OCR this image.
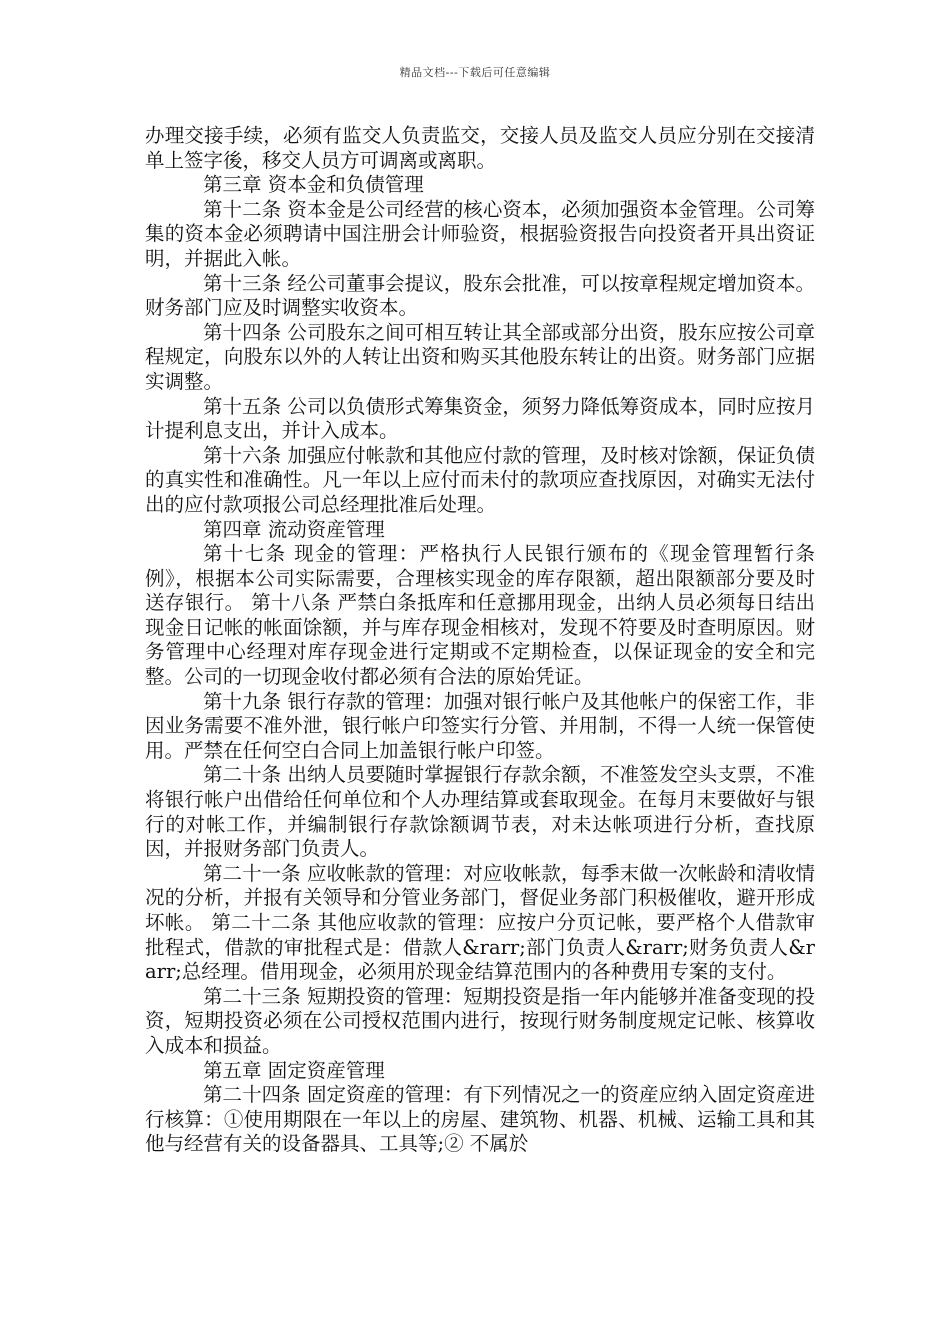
精品文档---下载后可任意编辑

办理交接手续，必须有监交人负责监交，交接人员及监交人员应分别在交接清单上签字後，移交人员方可调离或离职。

第三章 资本金和负债管理

第十二条 资本金是公司经营的核心资本，必须加强资本金管理。公司筹集的资本金必须聘请中国注册会计师验资，根据验资报告向投资者开具出资证明，并据此入帐。

第十三条 经公司董事会提议，股东会批准，可以按章程规定增加资本。财务部门应及时调整实收资本。

第十四条 公司股东之间可相互转让其全部或部分出资，股东应按公司章程规定，向股东以外的人转让出资和购买其他股东转让的出资。财务部门应据实调整。

第十五条 公司以负债形式筹集资金，须努力降低筹资成本，同时应按月计提利息支出，并计入成本。

第十六条 加强应付帐款和其他应付款的管理，及时核对馀额，保证负债的真实性和准确性。凡一年以上应付而未付的款项应查找原因，对确实无法付出的应付款项报公司总经理批准后处理。

第四章 流动资産管理

第十七条 现金的管理：严格执行人民银行颁布的《现金管理暂行条例》，根据本公司实际需要，合理核实现金的库存限额，超出限额部分要及时送存银行。 第十八条 严禁白条抵库和任意挪用现金，出纳人员必须每日结出现金日记帐的帐面馀额，并与库存现金相核对，发现不符要及时查明原因。财务管理中心经理对库存现金进行定期或不定期检查，以保证现金的安全和完整。公司的一切现金收付都必须有合法的原始凭证。

第十九条 银行存款的管理：加强对银行帐户及其他帐户的保密工作，非因业务需要不准外泄，银行帐户印签实行分管、并用制，不得一人统一保管使用。严禁在任何空白合同上加盖银行帐户印签。

第二十条 出纳人员要随时掌握银行存款余额，不准签发空头支票，不准将银行帐户出借给任何单位和个人办理结算或套取现金。在每月末要做好与银行的对帐工作，并编制银行存款馀额调节表，对未达帐项进行分析，查找原因，并报财务部门负责人。

第二十一条 应收帐款的管理：对应收帐款，每季末做一次帐龄和清收情况的分析，并报有关领导和分管业务部门，督促业务部门积极催收，避开形成坏帐。 第二十二条 其他应收款的管理：应按户分页记帐，要严格个人借款审批程式，借款的审批程式是：借款人&rarr;部门负责人&rarr;财务负责人&rarr;总经理。借用现金，必须用於现金结算范围内的各种费用专案的支付。

第二十三条 短期投资的管理：短期投资是指一年内能够并准备变现的投资，短期投资必须在公司授权范围内进行，按现行财务制度规定记帐、核算收入成本和损益。

第五章 固定资産管理

第二十四条 固定资産的管理：有下列情况之一的资産应纳入固定资産进行核算：①使用期限在一年以上的房屋、建筑物、机器、机械、运输工具和其他与经营有关的设备器具、工具等;② 不属於
